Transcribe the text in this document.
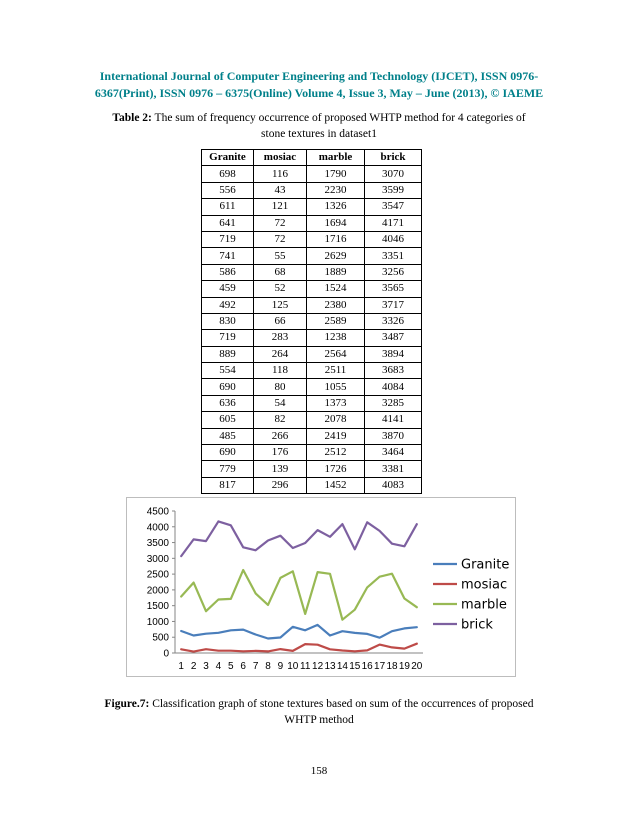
International Journal of Computer Engineering and Technology (IJCET), ISSN 0976-
6367(Print), ISSN 0976 – 6375(Online) Volume 4, Issue 3, May – June (2013), © IAEME
Table 2: The sum of frequency occurrence of proposed WHTP method for 4 categories of
stone textures in dataset1
Granite	mosiac	marble	brick
698	116	1790	3070
556	43	2230	3599
611	121	1326	3547
641	72	1694	4171
719	72	1716	4046
741	55	2629	3351
586	68	1889	3256
459	52	1524	3565
492	125	2380	3717
830	66	2589	3326
719	283	1238	3487
889	264	2564	3894
554	118	2511	3683
690	80	1055	4084
636	54	1373	3285
605	82	2078	4141
485	266	2419	3870
690	176	2512	3464
779	139	1726	3381
817	296	1452	4083
0
500
1000
1500
2000
2500
3000
3500
4000
4500
1 2 3 4 5 6 7 8 9 10 11 12 13 14 15 16 17 18 19 20
Granite
mosiac
marble
brick
Figure.7: Classification graph of stone textures based on sum of the occurrences of proposed
WHTP method
158
